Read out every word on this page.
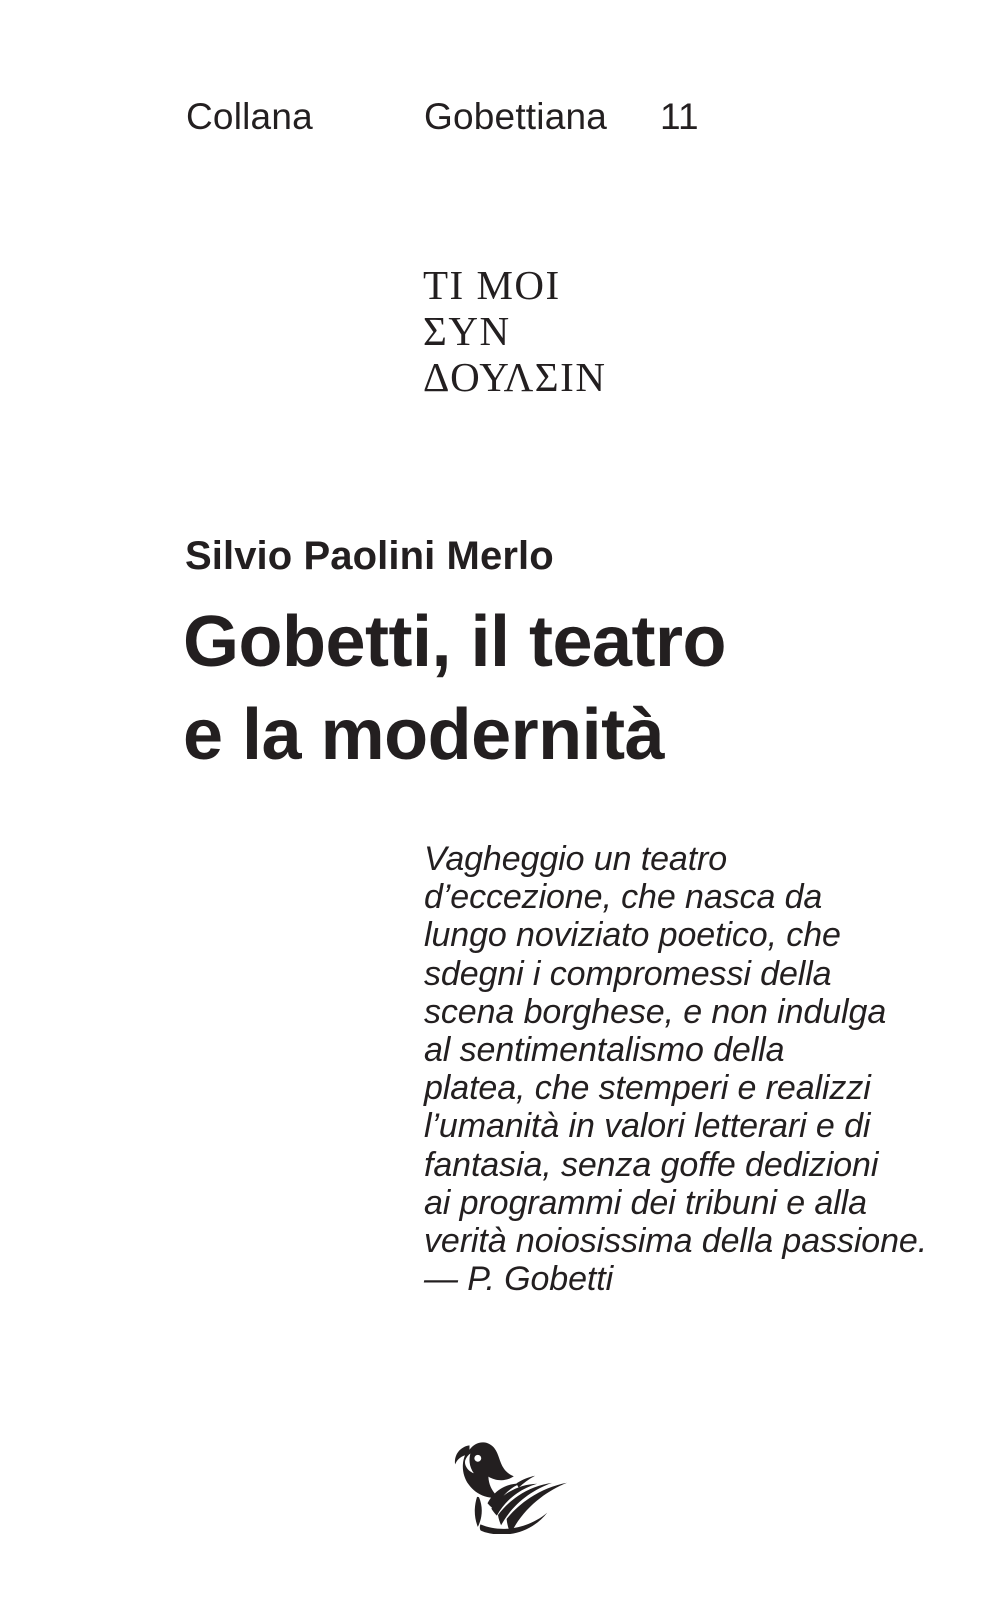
Collana	Gobettiana	11
ΤΙ ΜΟΙ
ΣΥΝ
ΔΟΥΛΣΙΝ
Silvio Paolini Merlo
Gobetti, il teatro
e la modernità
Vagheggio un teatro
d’eccezione, che nasca da
lungo noviziato poetico, che
sdegni i compromessi della
scena borghese, e non indulga
al sentimentalismo della
platea, che stemperi e realizzi
l’umanità in valori letterari e di
fantasia, senza goffe dedizioni
ai programmi dei tribuni e alla
verità noiosissima della passione.
— P. Gobetti
